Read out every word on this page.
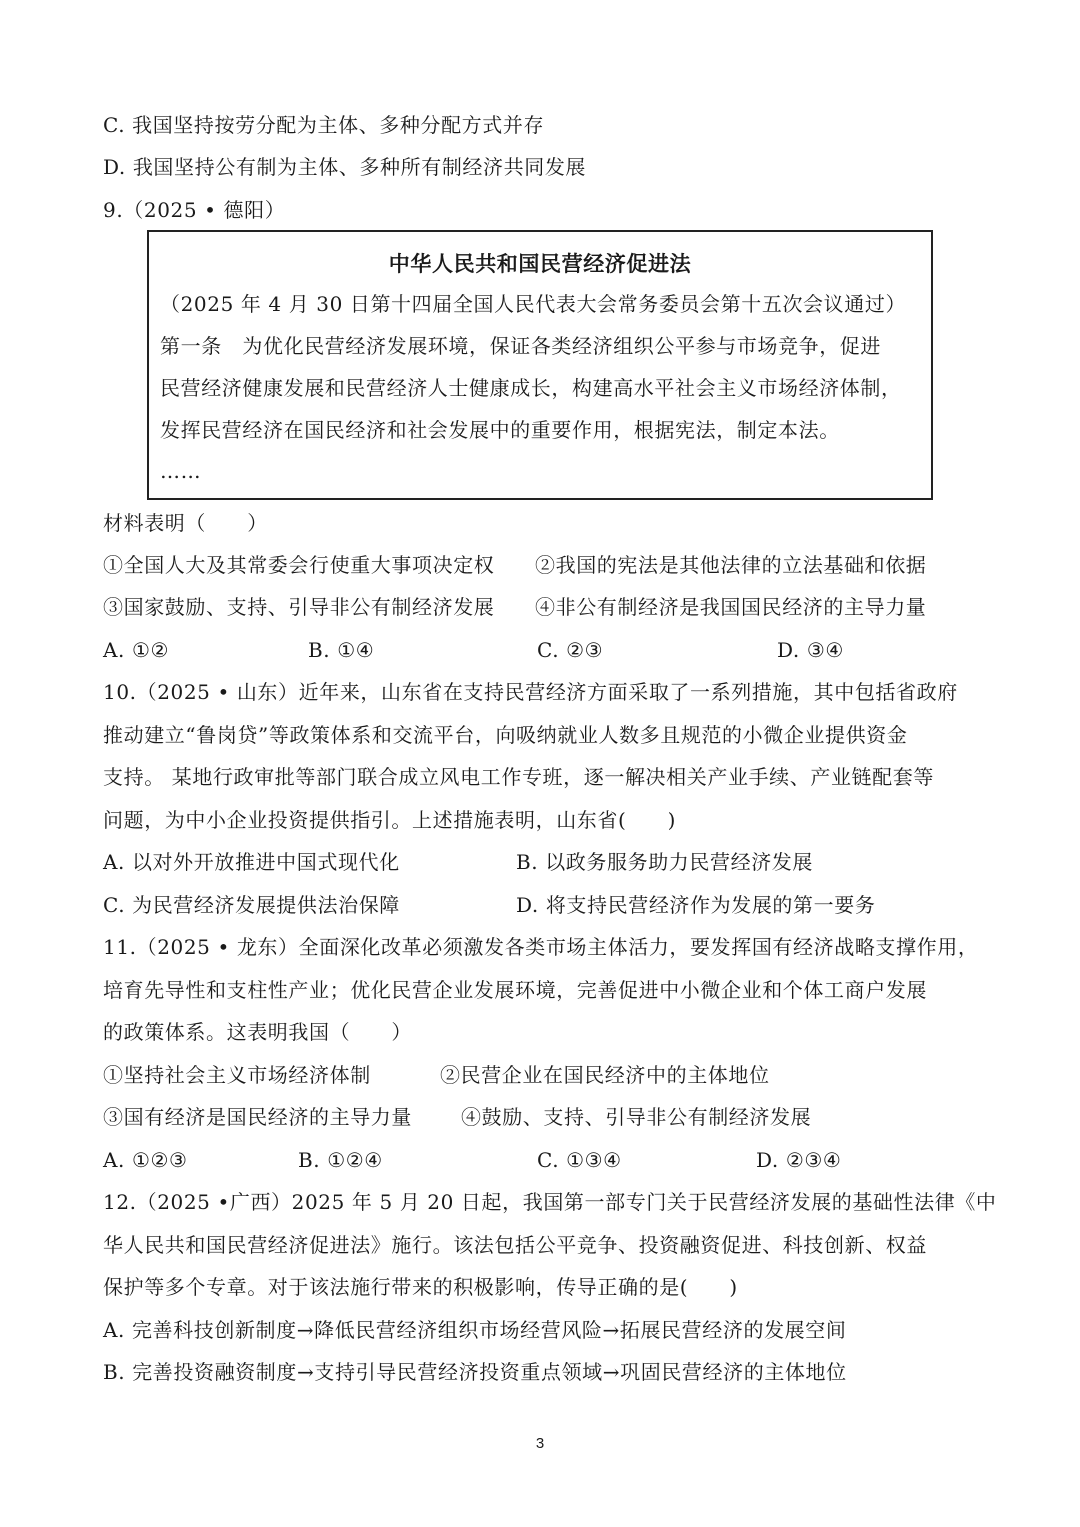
C. 我国坚持按劳分配为主体、多种分配方式并存
D. 我国坚持公有制为主体、多种所有制经济共同发展
9.（2025 • 德阳）
中华人民共和国民营经济促进法
（2025 年 4 月 30 日第十四届全国人民代表大会常务委员会第十五次会议通过）
第一条　为优化民营经济发展环境，保证各类经济组织公平参与市场竞争，促进
民营经济健康发展和民营经济人士健康成长，构建高水平社会主义市场经济体制，
发挥民营经济在国民经济和社会发展中的重要作用，根据宪法，制定本法。
……
材料表明（　　）
①全国人大及其常委会行使重大事项决定权 ②我国的宪法是其他法律的立法基础和依据
③国家鼓励、支持、引导非公有制经济发展 ④非公有制经济是我国国民经济的主导力量
A. ①②	B. ①④	C. ②③	D. ③④
10.（2025 • 山东）近年来，山东省在支持民营经济方面采取了一系列措施，其中包括省政府
推动建立“鲁岗贷”等政策体系和交流平台，向吸纳就业人数多且规范的小微企业提供资金
支持。 某地行政审批等部门联合成立风电工作专班，逐一解决相关产业手续、产业链配套等
问题，为中小企业投资提供指引。上述措施表明，山东省(　　)
A. 以对外开放推进中国式现代化	B. 以政务服务助力民营经济发展
C. 为民营经济发展提供法治保障	D. 将支持民营经济作为发展的第一要务
11.（2025 • 龙东）全面深化改革必须激发各类市场主体活力，要发挥国有经济战略支撑作用，
培育先导性和支柱性产业；优化民营企业发展环境，完善促进中小微企业和个体工商户发展
的政策体系。这表明我国（　　）
①坚持社会主义市场经济体制	②民营企业在国民经济中的主体地位
③国有经济是国民经济的主导力量 ④鼓励、支持、引导非公有制经济发展
A. ①②③	B. ①②④	C. ①③④	D. ②③④
12.（2025 •广西）2025 年 5 月 20 日起，我国第一部专门关于民营经济发展的基础性法律《中
华人民共和国民营经济促进法》施行。该法包括公平竞争、投资融资促进、科技创新、权益
保护等多个专章。对于该法施行带来的积极影响，传导正确的是(　　)
A. 完善科技创新制度→降低民营经济组织市场经营风险→拓展民营经济的发展空间
B. 完善投资融资制度→支持引导民营经济投资重点领域→巩固民营经济的主体地位
3
